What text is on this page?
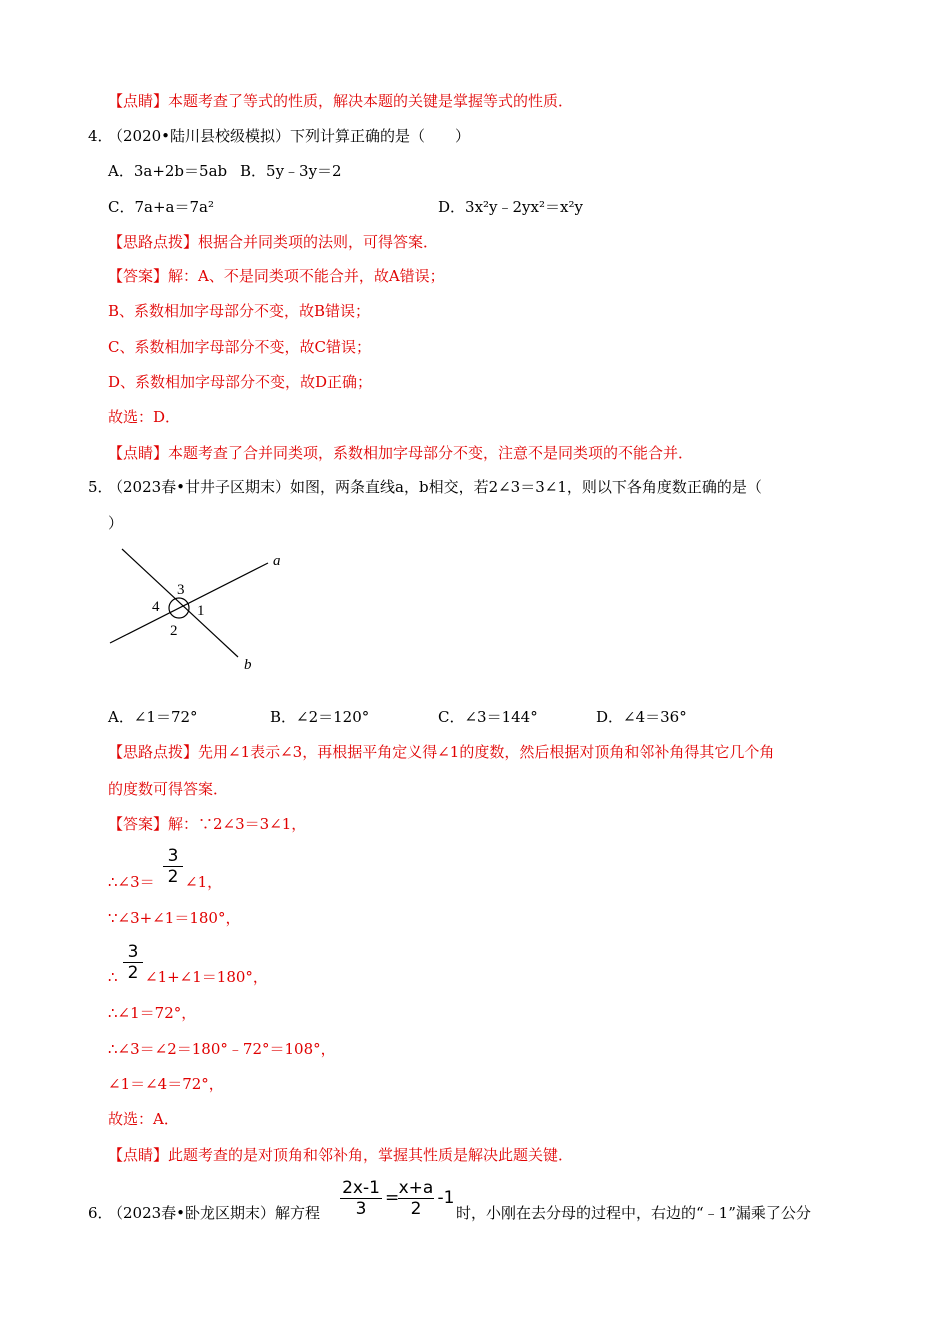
【点睛】本题考查了等式的性质，解决本题的关键是掌握等式的性质．
4．
（2020•陆川县校级模拟）下列计算正确的是（　　）
A．3a+2b＝5ab B．5y﹣3y＝2
C．7a+a＝7a²	D．3x²y﹣2yx²＝x²y
【思路点拨】根据合并同类项的法则，可得答案．
【答案】解：A、不是同类项不能合并，故A错误；
B、系数相加字母部分不变，故B错误；
C、系数相加字母部分不变，故C错误；
D、系数相加字母部分不变，故D正确；
故选：D．
【点睛】本题考查了合并同类项，系数相加字母部分不变，注意不是同类项的不能合并．
5．
（2023春•甘井子区期末）如图，两条直线a，b相交，若2∠3＝3∠1，则以下各角度数正确的是（
）
a
b
3
4	1
2
A．∠1＝72°	B．∠2＝120°	C．∠3＝144°	D．∠4＝36°
【思路点拨】先用∠1表示∠3，再根据平角定义得∠1的度数，然后根据对顶角和邻补角得其它几个角
的度数可得答案．
【答案】解：∵2∠3＝3∠1，
∴∠3＝ $\frac{3}{2}$ ∠1，
∵∠3+∠1＝180°，
∴ $\frac{3}{2}$ ∠1+∠1＝180°，
∴∠1＝72°，
∴∠3＝∠2＝180°﹣72°＝108°，
∠1＝∠4＝72°，
故选：A．
【点睛】此题考查的是对顶角和邻补角，掌握其性质是解决此题关键．
6．
（2023春•卧龙区期末）解方程 $\frac{2x-1}{3}$ =
$\frac{x+a}{2} -1$
时，小刚在去分母的过程中，右边的“﹣1”漏乘了公分
